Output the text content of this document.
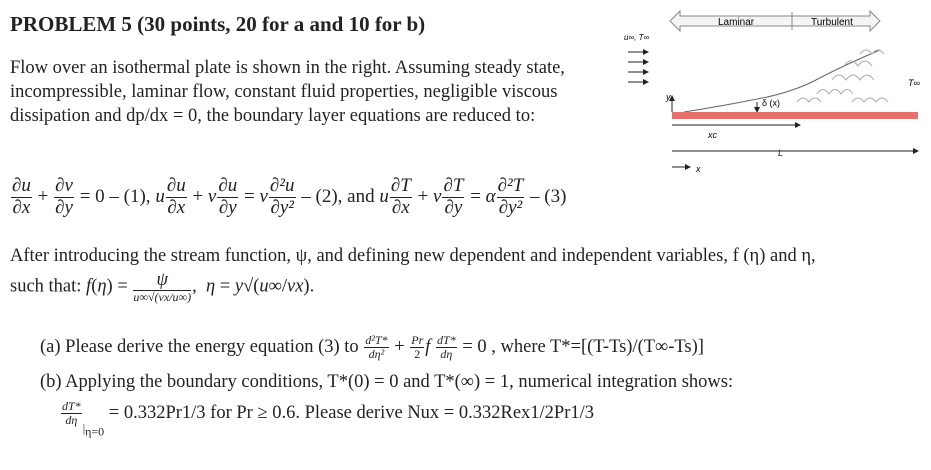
PROBLEM 5 (30 points, 20 for a and 10 for b)
Flow over an isothermal plate is shown in the right. Assuming steady state, incompressible, laminar flow, constant fluid properties, negligible viscous dissipation and dp/dx = 0, the boundary layer equations are reduced to:
$\frac{\partial u}{\partial x} + \frac{\partial v}{\partial y} = 0 - (1)$, u $\frac{\partial u}{\partial x} + v \frac{\partial u}{\partial y} = \nu \frac{\text{∂²u}}{\text{∂y²}} - (2)$, and u $\frac{\partial T}{\partial x} + v \frac{\partial T}{\partial y} = \alpha \frac{\text{∂²T}}{\text{∂y²}} - (3)$
After introducing the stream function, ψ, and defining new dependent and independent variables, f (η) and η,
such that: $f(\eta) = \frac{\psi}{u\infty√(\nu x/u\infty)}$ ,  η = y√(u∞/νx).
(a) Please derive the energy equation (3) to $\frac{\text{d²T*}}{\text{dη²}} + \frac{Pr}{2}$ f $\frac{dT*}{d\eta} = 0$ , where T*=[(T-Ts)/(T∞-Ts)]
(b) Applying the boundary conditions, T*(0) = 0 and T*(∞) = 1, numerical integration shows:
$\frac{dT*}{d\eta}$
$_{|_{\eta=0}}$ = 0.332Pr1/3 for Pr ≥ 0.6. Please derive Nux = 0.332Rex1/2Pr1/3
Laminar	Turbulent
u∞, T∞
δ (x)
T∞
y
xc
L
x
